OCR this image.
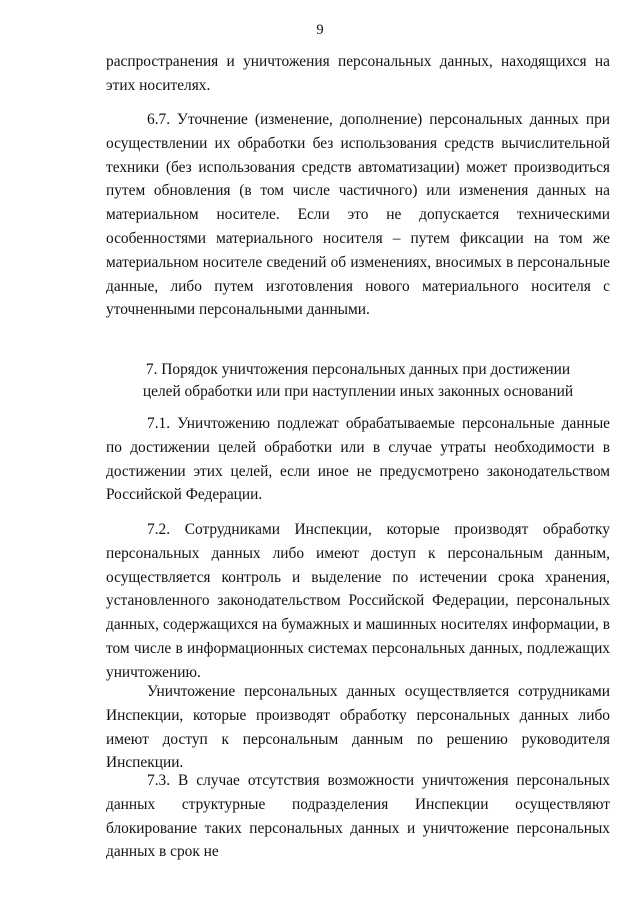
9

распространения и уничтожения персональных данных, находящихся на этих носителях.

6.7. Уточнение (изменение, дополнение) персональных данных при осуществлении их обработки без использования средств вычислительной техники (без использования средств автоматизации) может производиться путем обновления (в том числе частичного) или изменения данных на материальном носителе. Если это не допускается техническими особенностями материального носителя – путем фиксации на том же материальном носителе сведений об изменениях, вносимых в персональные данные, либо путем изготовления нового материального носителя с уточненными персональными данными.

7. Порядок уничтожения персональных данных при достижении
целей обработки или при наступлении иных законных оснований

7.1. Уничтожению подлежат обрабатываемые персональные данные по достижении целей обработки или в случае утраты необходимости в достижении этих целей, если иное не предусмотрено законодательством Российской Федерации.

7.2. Сотрудниками Инспекции, которые производят обработку персональных данных либо имеют доступ к персональным данным, осуществляется контроль и выделение по истечении срока хранения, установленного законодательством Российской Федерации, персональных данных, содержащихся на бумажных и машинных носителях информации, в том числе в информационных системах персональных данных, подлежащих уничтожению.

Уничтожение персональных данных осуществляется сотрудниками Инспекции, которые производят обработку персональных данных либо имеют доступ к персональным данным по решению руководителя Инспекции.

7.3. В случае отсутствия возможности уничтожения персональных данных структурные подразделения Инспекции осуществляют блокирование таких персональных данных и уничтожение персональных данных в срок не
